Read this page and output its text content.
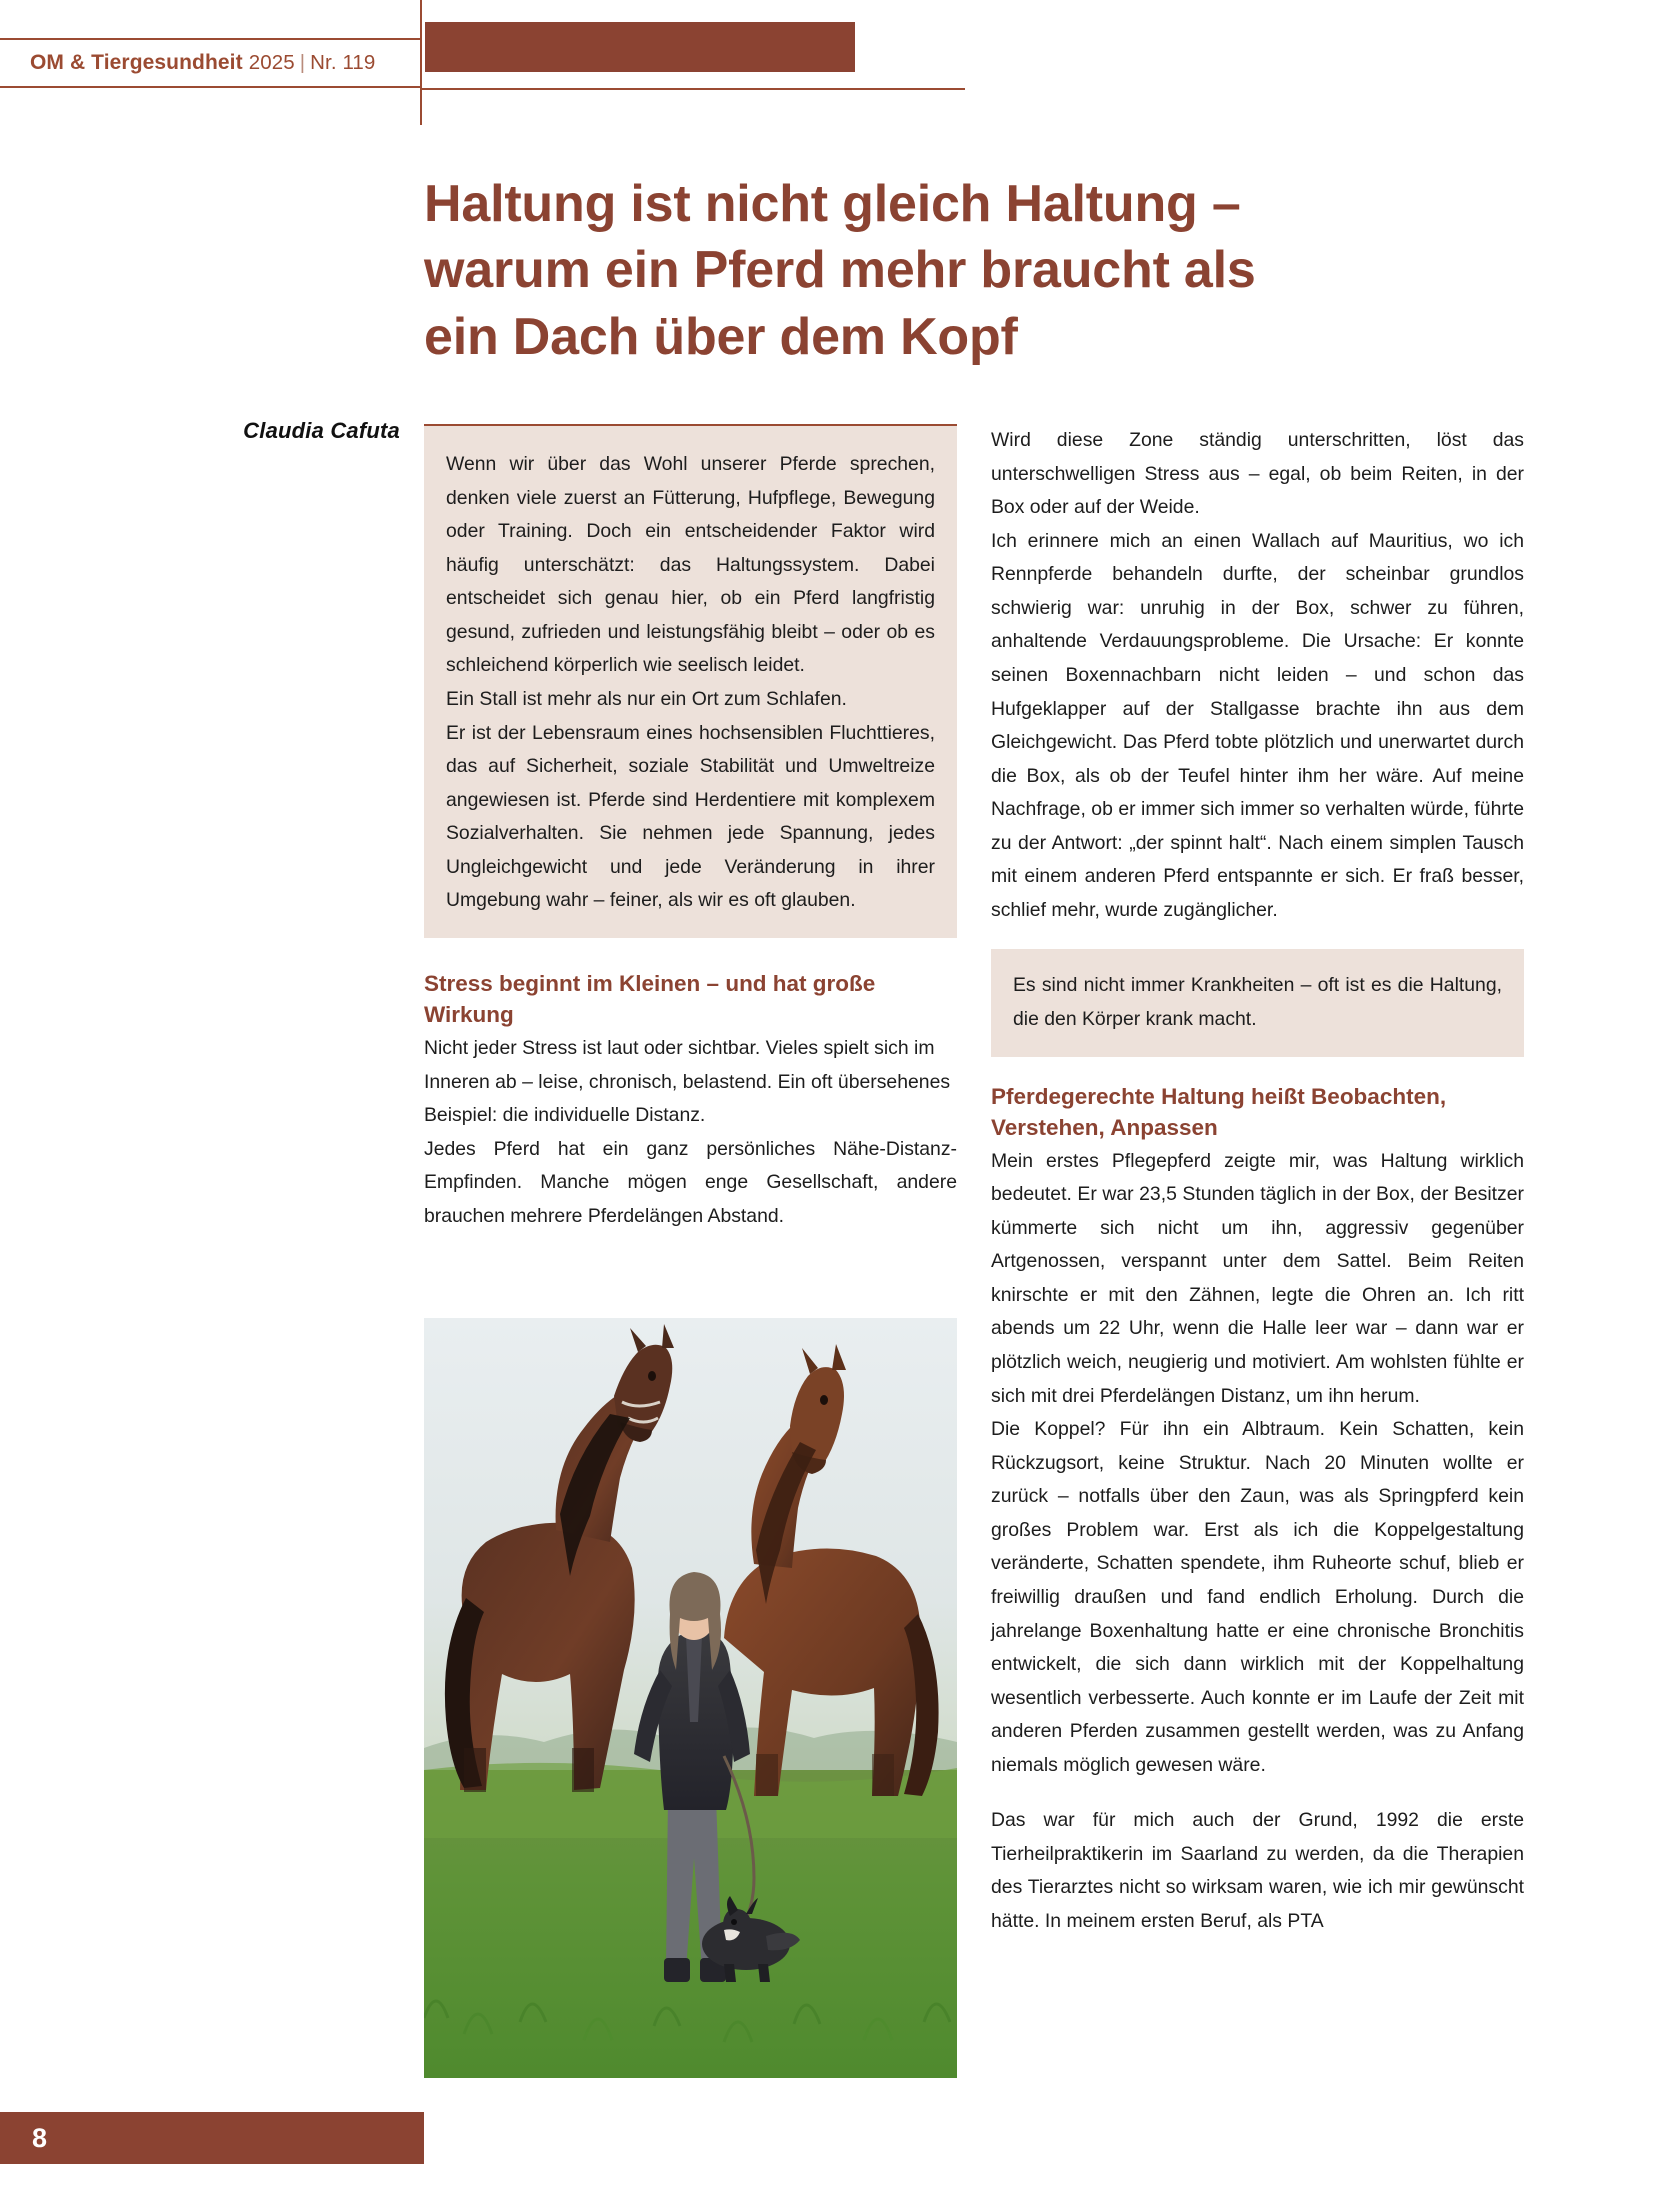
OM & Tiergesundheit 2025 | Nr. 119
Haltung ist nicht gleich Haltung –
warum ein Pferd mehr braucht als
ein Dach über dem Kopf
Claudia Cafuta

Wenn wir über das Wohl unserer Pferde sprechen, denken viele zuerst an Fütterung, Hufpflege, Bewegung oder Training. Doch ein entscheidender Faktor wird häufig unterschätzt: das Haltungssystem. Dabei entscheidet sich genau hier, ob ein Pferd langfristig gesund, zufrieden und leistungsfähig bleibt – oder ob es schleichend körperlich wie seelisch leidet.

Ein Stall ist mehr als nur ein Ort zum Schlafen.

Er ist der Lebensraum eines hochsensiblen Fluchttieres, das auf Sicherheit, soziale Stabilität und Umweltreize angewiesen ist. Pferde sind Herdentiere mit komplexem Sozialverhalten. Sie nehmen jede Spannung, jedes Ungleichgewicht und jede Veränderung in ihrer Umgebung wahr – feiner, als wir es oft glauben.

Stress beginnt im Kleinen – und hat große Wirkung

Nicht jeder Stress ist laut oder sichtbar. Vieles spielt sich im Inneren ab – leise, chronisch, belastend. Ein oft übersehenes Beispiel: die individuelle Distanz.

Jedes Pferd hat ein ganz persönliches Nähe-Distanz-Empfinden. Manche mögen enge Gesellschaft, andere brauchen mehrere Pferdelängen Abstand.

Wird diese Zone ständig unterschritten, löst das unterschwelligen Stress aus – egal, ob beim Reiten, in der Box oder auf der Weide.

Ich erinnere mich an einen Wallach auf Mauritius, wo ich Rennpferde behandeln durfte, der scheinbar grundlos schwierig war: unruhig in der Box, schwer zu führen, anhaltende Verdauungsprobleme. Die Ursache: Er konnte seinen Boxennachbarn nicht leiden – und schon das Hufgeklapper auf der Stallgasse brachte ihn aus dem Gleichgewicht. Das Pferd tobte plötzlich und unerwartet durch die Box, als ob der Teufel hinter ihm her wäre. Auf meine Nachfrage, ob er immer sich immer so verhalten würde, führte zu der Antwort: „der spinnt halt“. Nach einem simplen Tausch mit einem anderen Pferd entspannte er sich. Er fraß besser, schlief mehr, wurde zugänglicher.

Es sind nicht immer Krankheiten – oft ist es die Haltung, die den Körper krank macht.

Pferdegerechte Haltung heißt Beobachten, Verstehen, Anpassen

Mein erstes Pflegepferd zeigte mir, was Haltung wirklich bedeutet. Er war 23,5 Stunden täglich in der Box, der Besitzer kümmerte sich nicht um ihn, aggressiv gegenüber Artgenossen, verspannt unter dem Sattel. Beim Reiten knirschte er mit den Zähnen, legte die Ohren an. Ich ritt abends um 22 Uhr, wenn die Halle leer war – dann war er plötzlich weich, neugierig und motiviert. Am wohlsten fühlte er sich mit drei Pferdelängen Distanz, um ihn herum.

Die Koppel? Für ihn ein Albtraum. Kein Schatten, kein Rückzugsort, keine Struktur. Nach 20 Minuten wollte er zurück – notfalls über den Zaun, was als Springpferd kein großes Problem war. Erst als ich die Koppelgestaltung veränderte, Schatten spendete, ihm Ruheorte schuf, blieb er freiwillig draußen und fand endlich Erholung. Durch die jahrelange Boxenhaltung hatte er eine chronische Bronchitis entwickelt, die sich dann wirklich mit der Koppelhaltung wesentlich verbesserte. Auch konnte er im Laufe der Zeit mit anderen Pferden zusammen gestellt werden, was zu Anfang niemals möglich gewesen wäre.

Das war für mich auch der Grund, 1992 die erste Tierheilpraktikerin im Saarland zu werden, da die Therapien des Tierarztes nicht so wirksam waren, wie ich mir gewünscht hätte. In meinem ersten Beruf, als PTA

8
